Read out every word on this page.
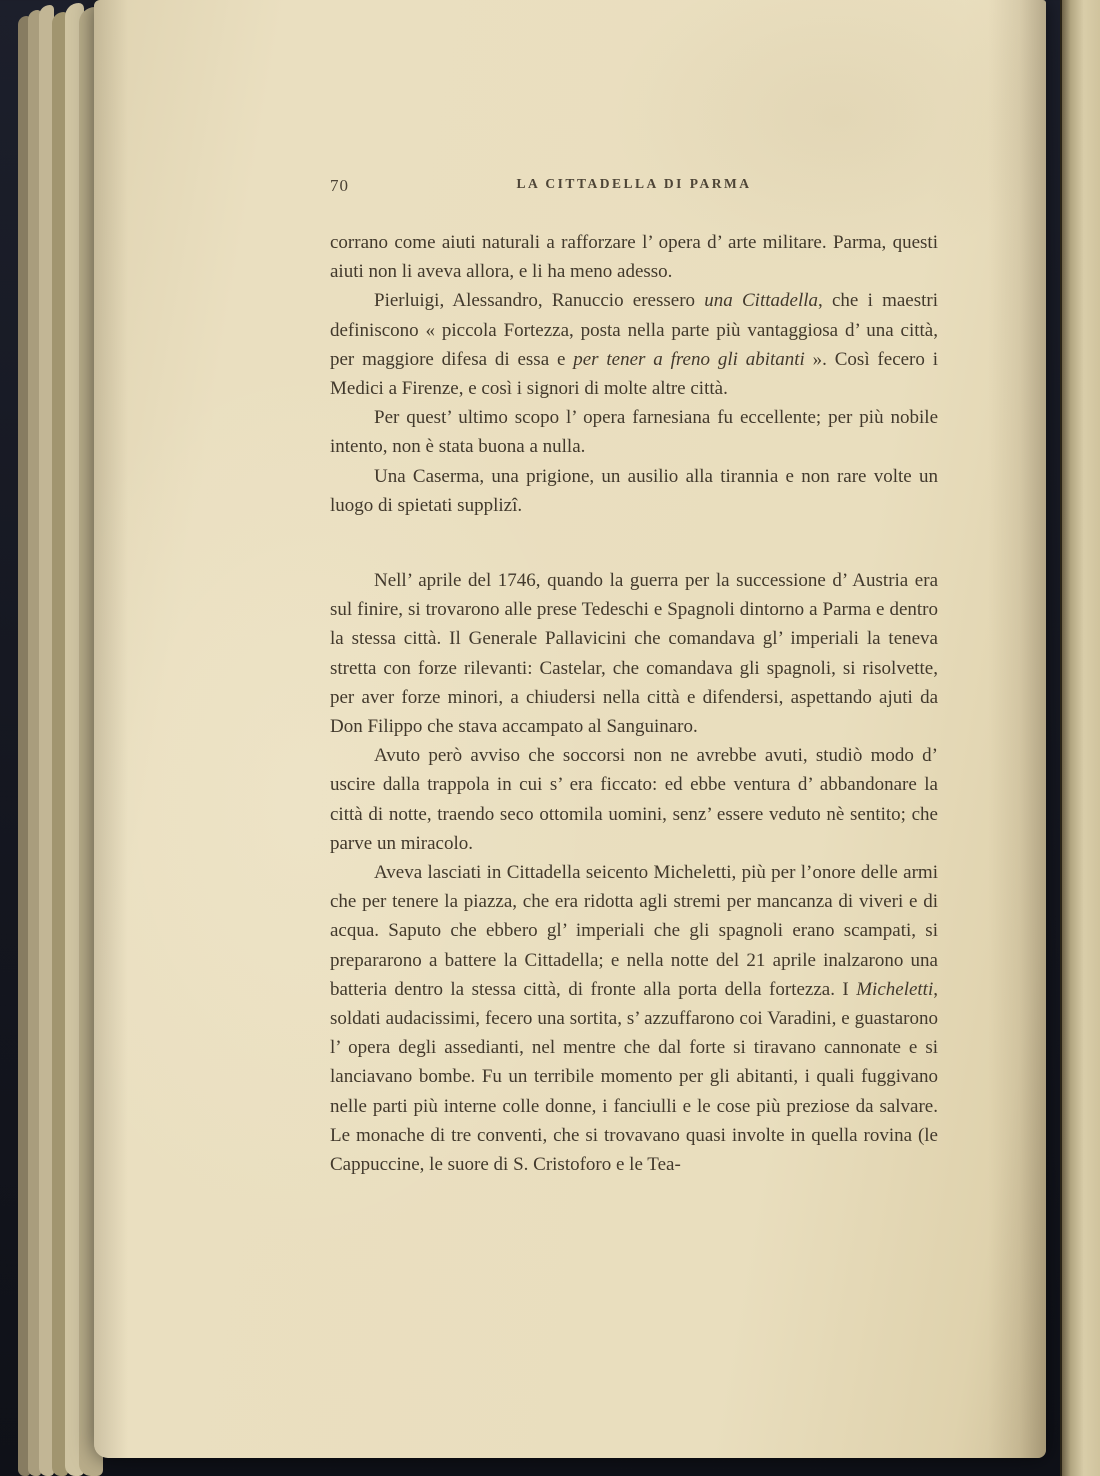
70	LA CITTADELLA DI PARMA

corrano come aiuti naturali a rafforzare l’ opera d’ arte militare. Parma, questi aiuti non li aveva allora, e li ha meno adesso.

Pierluigi, Alessandro, Ranuccio eressero una Cittadella, che i maestri definiscono « piccola Fortezza, posta nella parte più vantaggiosa d’ una città, per maggiore difesa di essa e per tener a freno gli abitanti ». Così fecero i Medici a Firenze, e così i signori di molte altre città.

Per quest’ ultimo scopo l’ opera farnesiana fu eccellente; per più nobile intento, non è stata buona a nulla.

Una Caserma, una prigione, un ausilio alla tirannia e non rare volte un luogo di spietati supplizî.

Nell’ aprile del 1746, quando la guerra per la successione d’ Austria era sul finire, si trovarono alle prese Tedeschi e Spagnoli dintorno a Parma e dentro la stessa città. Il Generale Pallavicini che comandava gl’ imperiali la teneva stretta con forze rilevanti: Castelar, che comandava gli spagnoli, si risolvette, per aver forze minori, a chiudersi nella città e difendersi, aspettando ajuti da Don Filippo che stava accampato al Sanguinaro.

Avuto però avviso che soccorsi non ne avrebbe avuti, studiò modo d’ uscire dalla trappola in cui s’ era ficcato: ed ebbe ventura d’ abbandonare la città di notte, traendo seco ottomila uomini, senz’ essere veduto nè sentito; che parve un miracolo.

Aveva lasciati in Cittadella seicento Micheletti, più per l’onore delle armi che per tenere la piazza, che era ridotta agli stremi per mancanza di viveri e di acqua. Saputo che ebbero gl’ imperiali che gli spagnoli erano scampati, si prepararono a battere la Cittadella; e nella notte del 21 aprile inalzarono una batteria dentro la stessa città, di fronte alla porta della fortezza. I Micheletti, soldati audacissimi, fecero una sortita, s’ azzuffarono coi Varadini, e guastarono l’ opera degli assedianti, nel mentre che dal forte si tiravano cannonate e si lanciavano bombe. Fu un terribile momento per gli abitanti, i quali fuggivano nelle parti più interne colle donne, i fanciulli e le cose più preziose da salvare. Le monache di tre conventi, che si trovavano quasi involte in quella rovina (le Cappuccine, le suore di S. Cristoforo e le Tea-
